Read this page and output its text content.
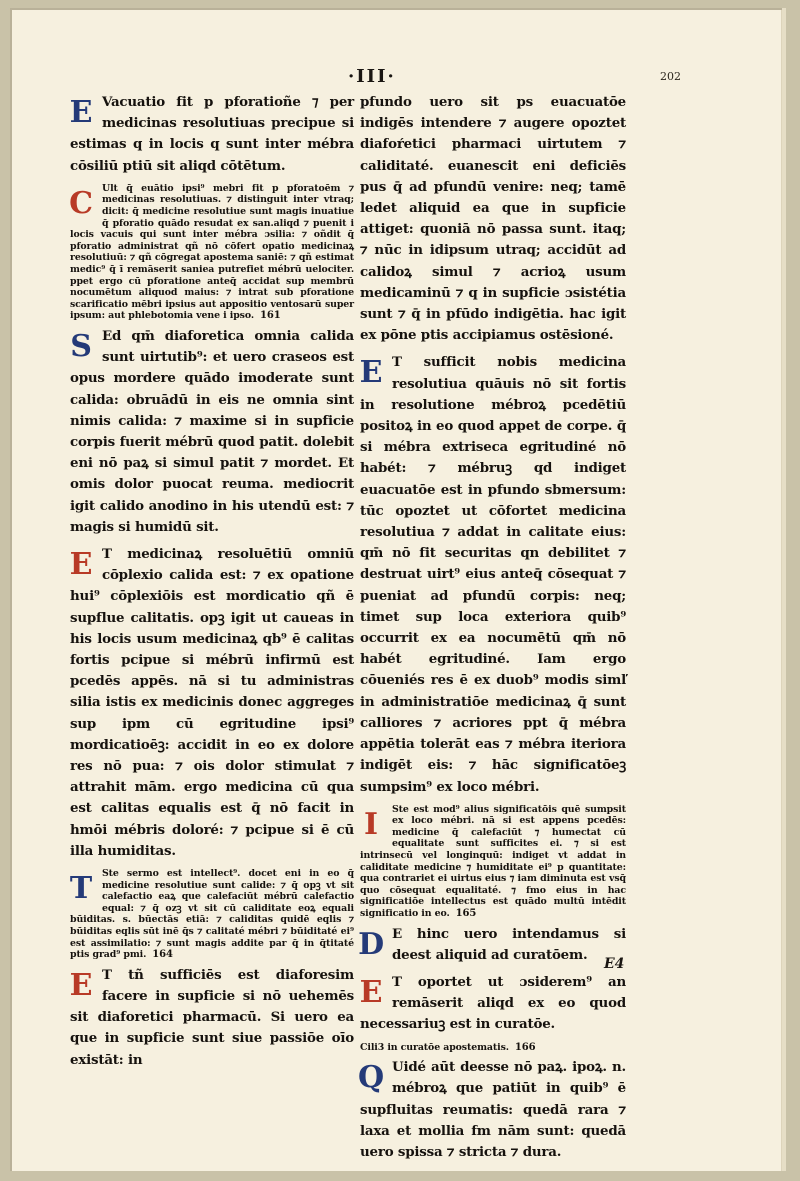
·III·	202

E Vacuatio fit p pforatioñe ⁊ per medicinas resolutiuas precipue si estimas q in locis q sunt inter mébra cōsiliū ptiū sit aliqd cōtētum.

C Ult q̄ euātio ipsi⁹ mebri fit p pforatoēm ⁊ medicinas resolutiuas. ⁊ distinguit inter vtraq; dicit: q̄ medicine resolutiue sunt magis inuatiue q̄ pforatio quādo resudat ex san.aliqd ⁊ puenit i locis vacuis qui sunt inter mébra ɔsilia: ⁊ oñdit q̄ pforatio administrat qñ nō cōfert opatio medicinaꝝ resolutiuū: ⁊ qñ cōgregat apostema saniē: ⁊ qñ estimat medic⁹ q̄ ī remāserit saniea putrefiet mébrū uelociter. ppet ergo cū pforatione anteq̄ accidat sup membrū nocumētum aliquod maius: ⁊ intrat sub pforatione scarificatio mēbri ipsius aut appositio ventosarū super ipsum: aut phlebotomia vene i ipso. 161

S Ed qm̄ diaforetica omnia calida sunt uirtutib⁹: et uero craseos est opus mordere quādo imoderate sunt calida: obruādū in eis ne omnia sint nimis calida: ⁊ maxime si in supficie corpis fuerit mébrū quod patit. dolebit eni nō paꝝ si simul patit ⁊ mordet. Et omis dolor puocat reuma. mediocrit igit calido anodino in his utendū est: ⁊ magis si humidū sit.

E T medicinaꝝ resoluētiū omniū cōplexio calida est: ⁊ ex opatione hui⁹ cōplexiōis est mordicatio qñ ē supflue calitatis. opꝫ igit ut caueas in his locis usum medicinaꝝ qb⁹ ē calitas fortis pcipue si mébrū infirmū est pcedēs appēs. nā si tu administras silia istis ex medicinis donec aggreges sup ipm cū egritudine ipsi⁹ mordicatioēꝫ: accidit in eo ex dolore res nō pua: ⁊ ois dolor stimulat ⁊ attrahit mām. ergo medicina cū qua est calitas equalis est q̄ nō facit in hmōi mébris doloré: ⁊ pcipue si ē cū illa humiditas.

T	Ste sermo est intellect⁹. docet eni in eo q̄ medicine resolutiue sunt calide: ⁊ q̄ opꝫ vt sit calefactio eaꝝ que calefaciūt mébrū calefactio equal: ⁊ q̄ ozꝫ vt sit cū caliditate eoꝝ equali būiditas. s. būectās etiā: ⁊ caliditas quidē eqlis ⁊ būiditas eqlis sūt inē q̄s ⁊ calitaté mébri ⁊ būiditaté ei⁹ est assimilatio: ⁊ sunt magis addite par q̄ in q̄titaté ptis grad⁹ pmi. 164

E T tñ sufficiēs est diaforesim facere in supficie si nō uehemēs sit diaforetici pharmacū. Si uero ea que in supficie sunt siue passiōe oīo existāt: in

pfundo uero sit ps euacuatōe indigēs intendere ⁊ augere opoztet diafoŕetici pharmaci uirtutem ⁊ caliditaté. euanescit eni deficiēs pus q̄ ad pfundū venire: neq; tamē ledet aliquid ea que in supficie attiget: quoniā nō passa sunt. itaq; ⁊ nūc in idipsum utraq; accidūt ad calidoꝝ simul ⁊ acrioꝝ usum medicaminū ⁊ q in supficie ɔsistétia sunt ⁊ q̄ in pfūdo indigētia. hac igit ex pōne ptis accipiamus ostēsioné.

E T sufficit nobis medicina resolutiua quāuis nō sit fortis in resolutione mébroꝝ pcedētiū positoꝝ in eo quod appet de corpe. q̄ si mébra extrisecа egritudiné nō habét: ⁊ mébruꝫ qd indiget euacuatōe est in pfundo sbmersum: tūc opoztet ut cōfortet medicina resolutiua ⁊ addat in calitate eius: qm̄ nō fit securitas qn debilitet ⁊ destruat uirt⁹ eius anteq̄ cōsequat ⁊ pueniat ad pfundū corpis: neq; timet sup loca exteriora quib⁹ occurrit ex ea nocumētū qm̄ nō habét egritudiné. Iam ergo cōueniés res ē ex duob⁹ modis simľ in administratiōe medicinaꝝ q̄ sunt calliores ⁊ acriores ppt q̄ mébra appētia tolerāt eas ⁊ mébra iteriora indigēt eis: ⁊ hāc significatōeꝫ sumpsim⁹ ex loco mébri.

I	Ste est mod⁹ alius significatōis quē sumpsit ex loco mébri. nā si est appens pcedēs: medicine q̄ calefaciūt ⁊ humectat cū equalitate sunt sufficites ei. ⁊ si est intrinsecū vel longinquū: indiget vt addat in caliditate medicine ⁊ humiditate ei⁹ p quantitate: qua contrariet ei uirtus eius ⁊ iam diminuta est vsq̄ quo cōsequat equalitaté. ⁊ fmo eius in hac significatiōe intellectus est quādo multū intēdit significatio in eo. 165

D E hinc uero intendamus si deest aliquid ad curatōem.

E T oportet ut ɔsiderem⁹ an remāserit aliqd ex eo quod necessariuꝫ est in curatōe.

Cili3 in curatōe apostematis. 166

Q Uidé aūt deesse nō paꝝ. ipoꝝ. n. mébroꝝ que patiūt in quib⁹ ē supfluitas reumatis: quedā rara ⁊ laxa et mollia fm nām sunt: quedā uero spissa ⁊ stricta ⁊ dura.

E4
